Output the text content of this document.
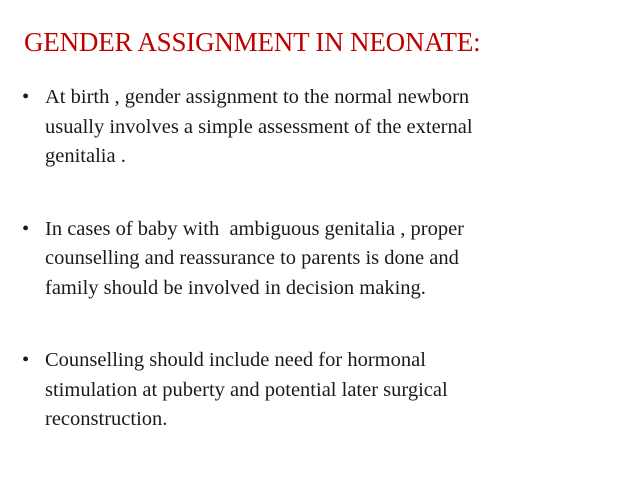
GENDER ASSIGNMENT IN NEONATE:
• At birth , gender assignment to the normal newborn
usually involves a simple assessment of the external
genitalia .
• In cases of baby with  ambiguous genitalia , proper
counselling and reassurance to parents is done and
family should be involved in decision making.
• Counselling should include need for hormonal
stimulation at puberty and potential later surgical
reconstruction.
